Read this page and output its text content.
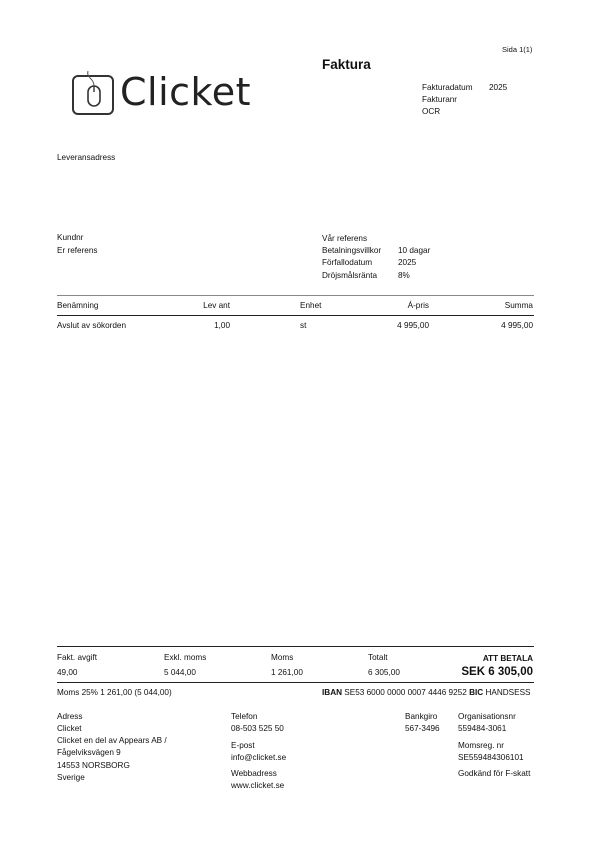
Sida 1(1)
Faktura
Clicket	Fakturadatum 2025
Fakturanr
OCR
Leveransadress
Kundnr
Er referens
Vår referens
Betalningsvillkor 10 dagar
Förfallodatum	2025
Dröjsmålsränta	8%
Benämning	Lev ant	Enhet	Á-pris	Summa
Avslut av sökorden	1,00	st	4 995,00	4 995,00
Fakt. avgift	Exkl. moms	Moms	Totalt	ATT BETALA
49,00	5 044,00	1 261,00	6 305,00	SEK 6 305,00
Moms 25% 1 261,00 (5 044,00)	IBAN SE53 6000 0000 0007 4446 9252 BIC HANDSESS
Adress
Clicket
Clicket en del av Appears AB /
Fågelviksvägen 9
14553 NORSBORG
Sverige
Telefon
08-503 525 50
E-post
info@clicket.se
Webbadress
www.clicket.se
Bankgiro
567-3496
Organisationsnr
559484-3061
Momsreg. nr
SE559484306101
Godkänd för F-skatt
